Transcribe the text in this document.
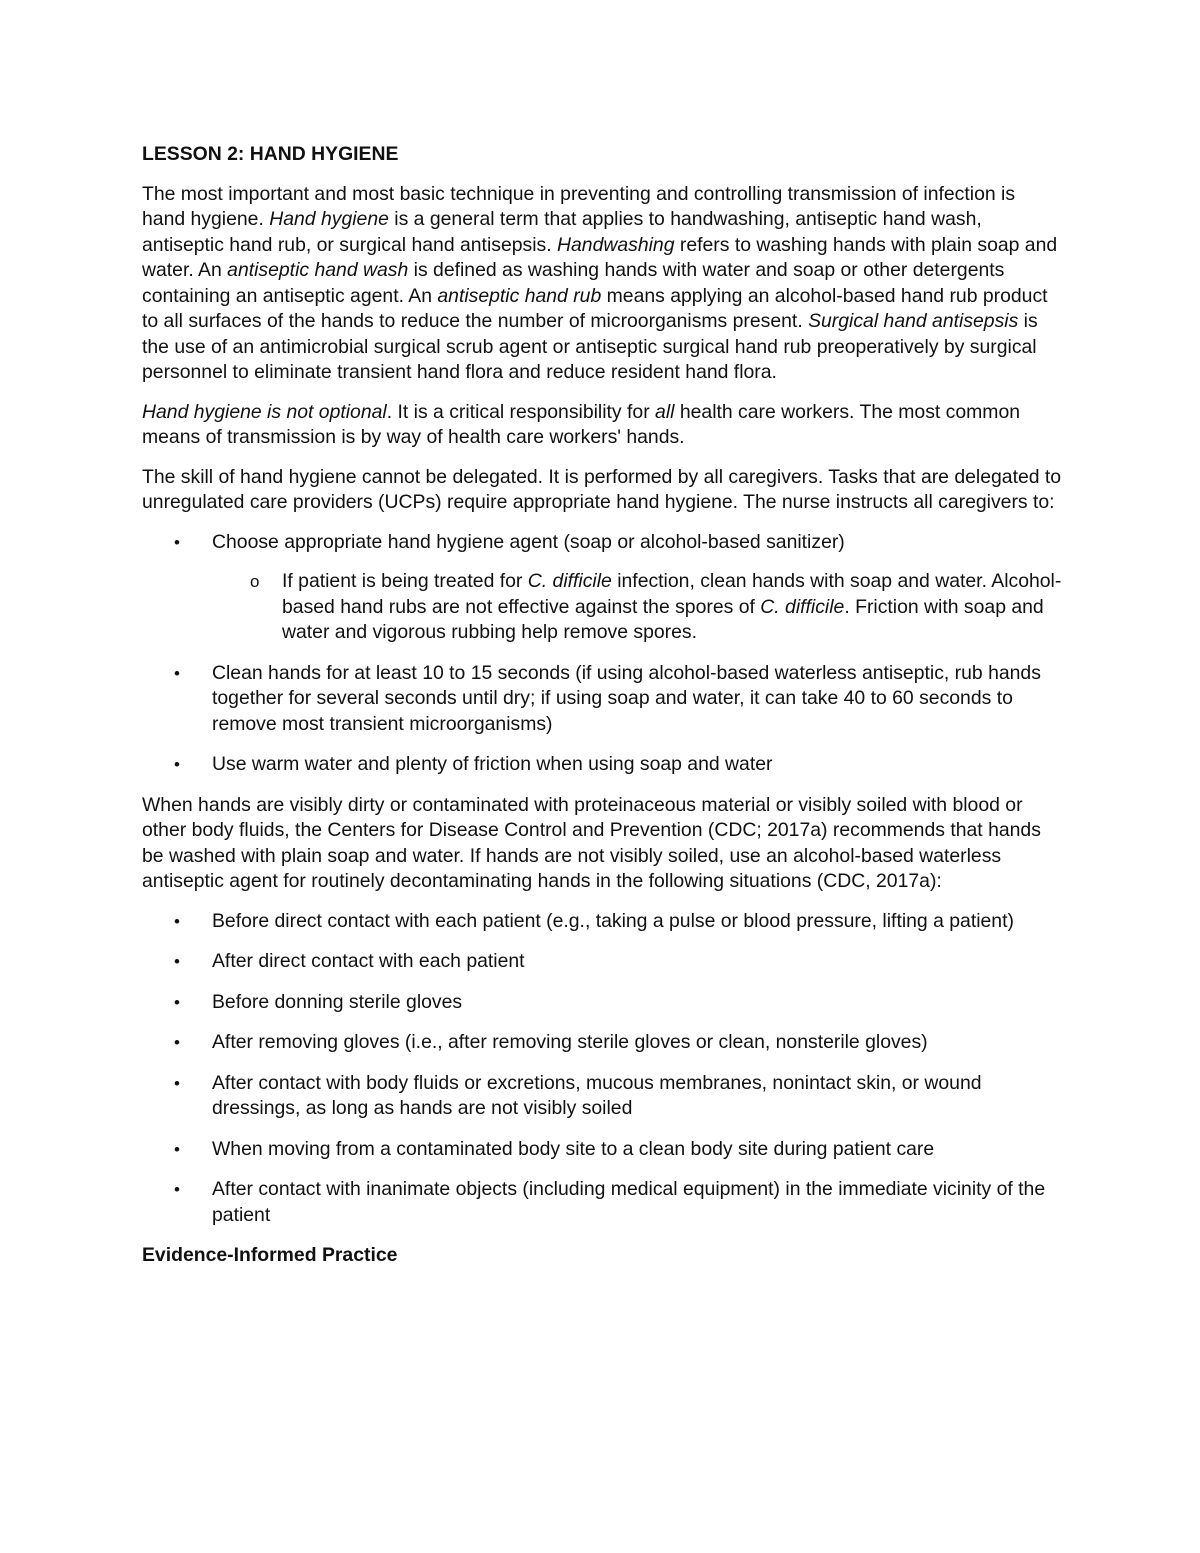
LESSON 2: HAND HYGIENE

The most important and most basic technique in preventing and controlling transmission of infection is hand hygiene. Hand hygiene is a general term that applies to handwashing, antiseptic hand wash, antiseptic hand rub, or surgical hand antisepsis. Handwashing refers to washing hands with plain soap and water. An antiseptic hand wash is defined as washing hands with water and soap or other detergents containing an antiseptic agent. An antiseptic hand rub means applying an alcohol-based hand rub product to all surfaces of the hands to reduce the number of microorganisms present. Surgical hand antisepsis is the use of an antimicrobial surgical scrub agent or antiseptic surgical hand rub preoperatively by surgical personnel to eliminate transient hand flora and reduce resident hand flora.

Hand hygiene is not optional. It is a critical responsibility for all health care workers. The most common means of transmission is by way of health care workers' hands.

The skill of hand hygiene cannot be delegated. It is performed by all caregivers. Tasks that are delegated to unregulated care providers (UCPs) require appropriate hand hygiene. The nurse instructs all caregivers to:

• Choose appropriate hand hygiene agent (soap or alcohol-based sanitizer)
o If patient is being treated for C. difficile infection, clean hands with soap and water. Alcohol-based hand rubs are not effective against the spores of C. difficile. Friction with soap and water and vigorous rubbing help remove spores.
• Clean hands for at least 10 to 15 seconds (if using alcohol-based waterless antiseptic, rub hands together for several seconds until dry; if using soap and water, it can take 40 to 60 seconds to remove most transient microorganisms)
• Use warm water and plenty of friction when using soap and water

When hands are visibly dirty or contaminated with proteinaceous material or visibly soiled with blood or other body fluids, the Centers for Disease Control and Prevention (CDC; 2017a) recommends that hands be washed with plain soap and water. If hands are not visibly soiled, use an alcohol-based waterless antiseptic agent for routinely decontaminating hands in the following situations (CDC, 2017a):

• Before direct contact with each patient (e.g., taking a pulse or blood pressure, lifting a patient)
• After direct contact with each patient
• Before donning sterile gloves
• After removing gloves (i.e., after removing sterile gloves or clean, nonsterile gloves)
• After contact with body fluids or excretions, mucous membranes, nonintact skin, or wound dressings, as long as hands are not visibly soiled
• When moving from a contaminated body site to a clean body site during patient care
• After contact with inanimate objects (including medical equipment) in the immediate vicinity of the patient
Evidence-Informed Practice
